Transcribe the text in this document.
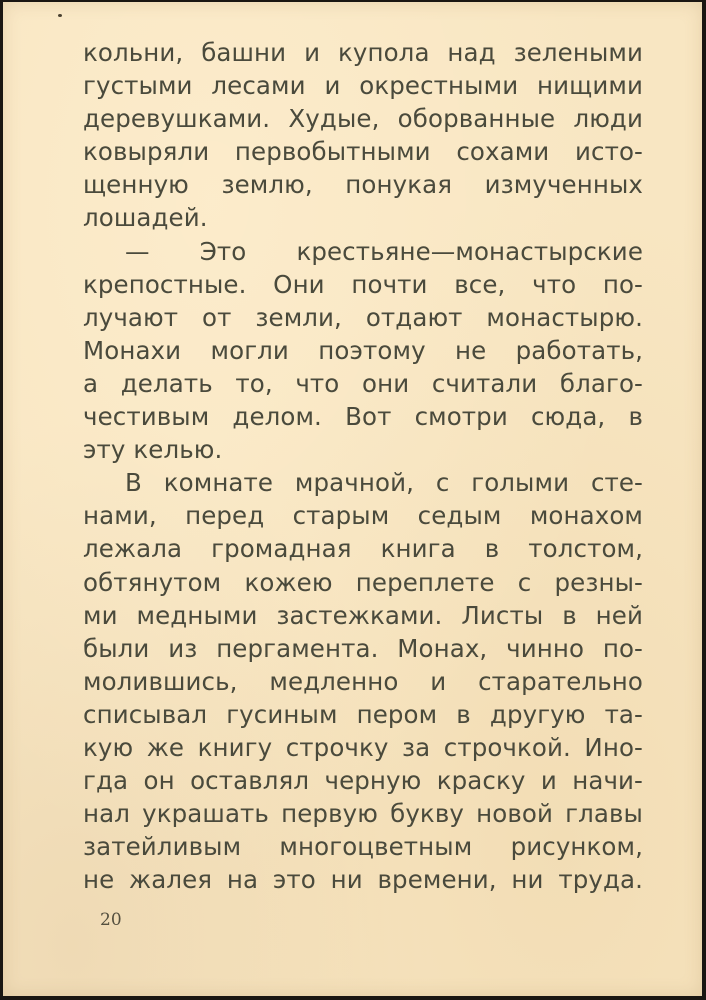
кольни, башни и купола над зелеными
густыми лесами и окрестными нищими
деревушками. Худые, оборванные люди
ковыряли первобытными сохами исто-
щенную землю, понукая измученных
лошадей.
— Это крестьяне—монастырские
крепостные. Они почти все, что по-
лучают от земли, отдают монастырю.
Монахи могли поэтому не работать,
а делать то, что они считали благо-
честивым делом. Вот смотри сюда, в
эту келью.
В комнате мрачной, с голыми сте-
нами, перед старым седым монахом
лежала громадная книга в толстом,
обтянутом кожею переплете с резны-
ми медными застежками. Листы в ней
были из пергамента. Монах, чинно по-
молившись, медленно и старательно
списывал гусиным пером в другую та-
кую же книгу строчку за строчкой. Ино-
гда он оставлял черную краску и начи-
нал украшать первую букву новой главы
затейливым многоцветным рисунком,
не жалея на это ни времени, ни труда.
20
